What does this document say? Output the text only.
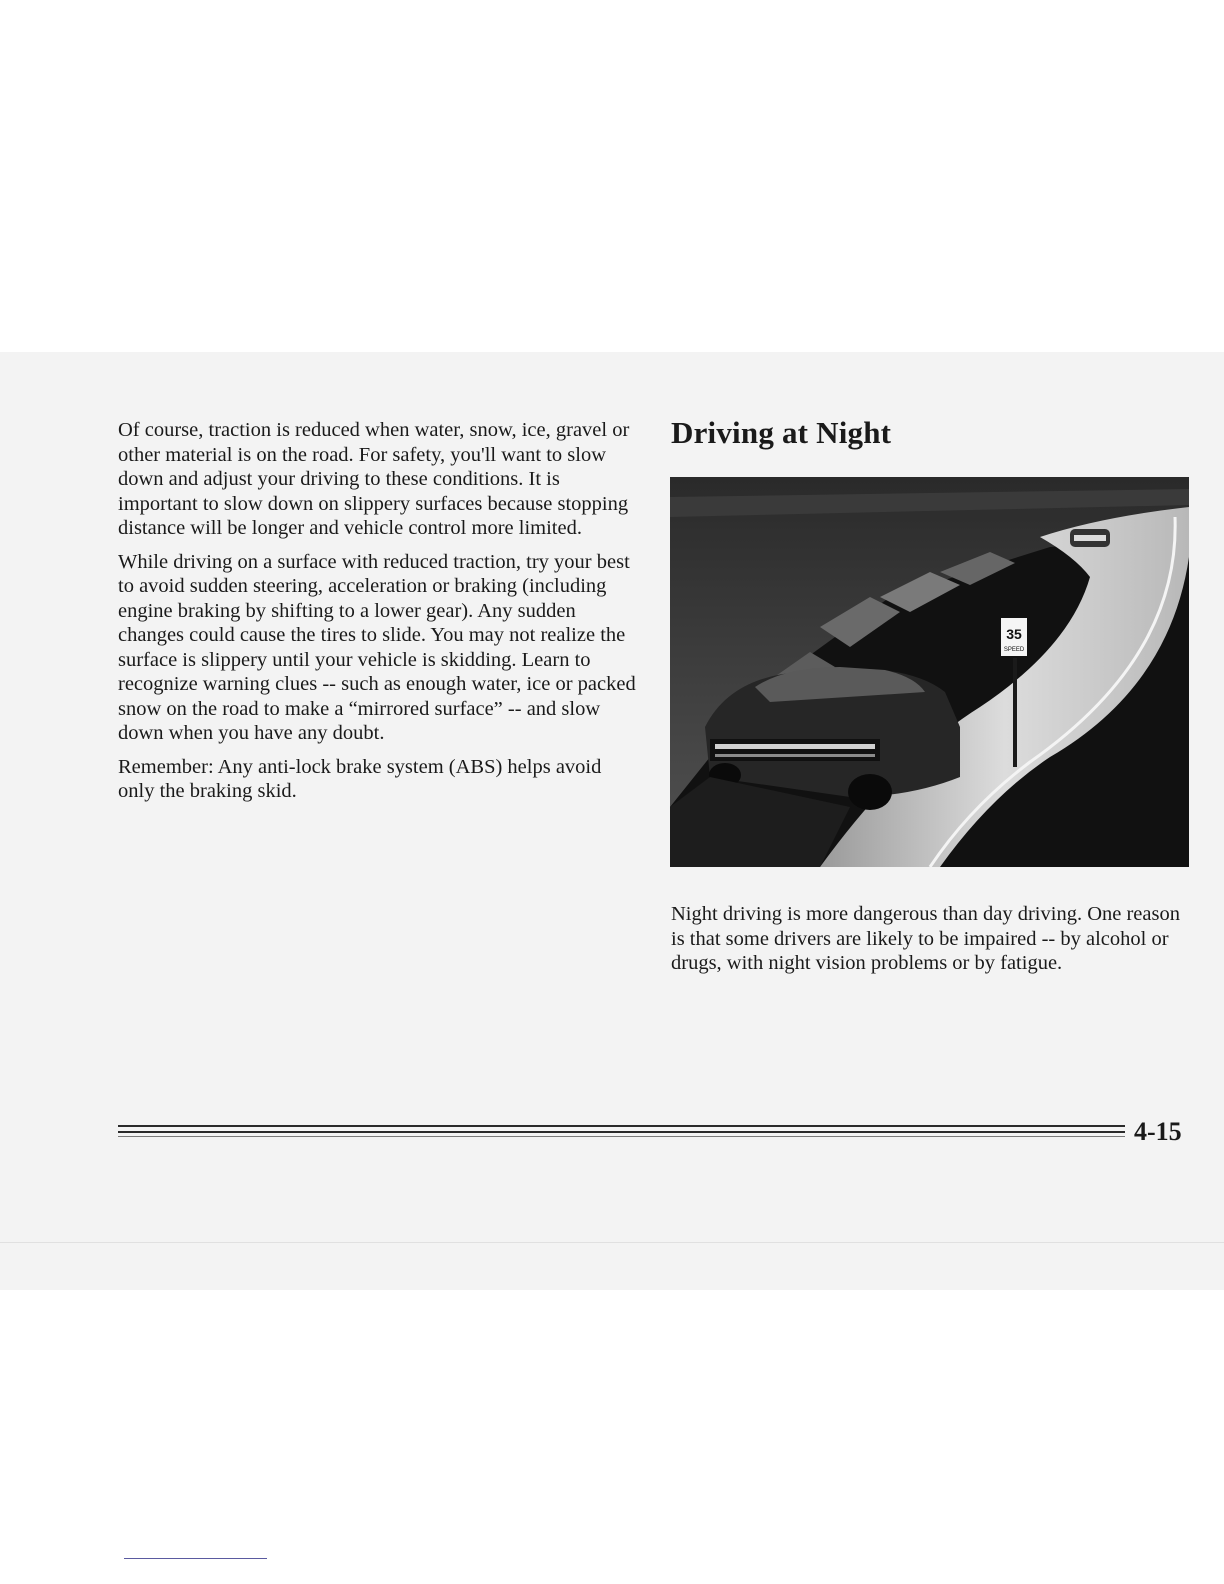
Of course, traction is reduced when water, snow, ice, gravel or other material is on the road. For safety, you'll want to slow down and adjust your driving to these conditions. It is important to slow down on slippery surfaces because stopping distance will be longer and vehicle control more limited.

While driving on a surface with reduced traction, try your best to avoid sudden steering, acceleration or braking (including engine braking by shifting to a lower gear). Any sudden changes could cause the tires to slide. You may not realize the surface is slippery until your vehicle is skidding. Learn to recognize warning clues -- such as enough water, ice or packed snow on the road to make a “mirrored surface” -- and slow down when you have any doubt.

Remember: Any anti-lock brake system (ABS) helps avoid only the braking skid.

Driving at Night
35
SPEED

Night driving is more dangerous than day driving. One reason is that some drivers are likely to be impaired -- by alcohol or drugs, with night vision problems or by fatigue.

4-15
